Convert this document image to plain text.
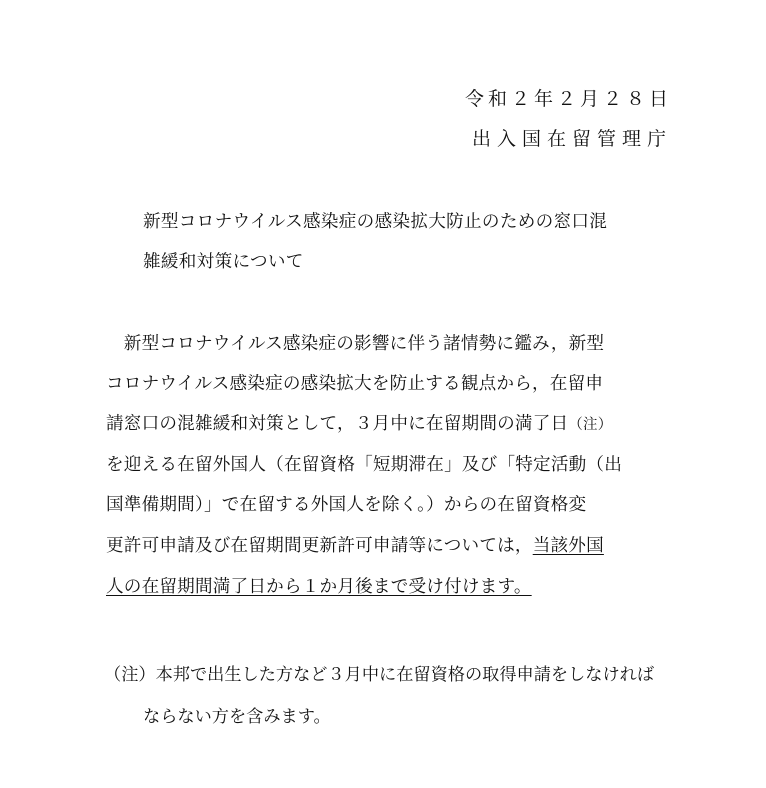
令和２年２月２８日
出入国在留管理庁
新型コロナウイルス感染症の感染拡大防止のための窓口混
雑緩和対策について
　新型コロナウイルス感染症の影響に伴う諸情勢に鑑み，新型
コロナウイルス感染症の感染拡大を防止する観点から，在留申
請窓口の混雑緩和対策として，３月中に在留期間の満了日（注）
を迎える在留外国人（在留資格「短期滞在」及び「特定活動（出
国準備期間）」で在留する外国人を除く。）からの在留資格変
更許可申請及び在留期間更新許可申請等については，当該外国
人の在留期間満了日から１か月後まで受け付けます。
（注）本邦で出生した方など３月中に在留資格の取得申請をしなければ
ならない方を含みます。
